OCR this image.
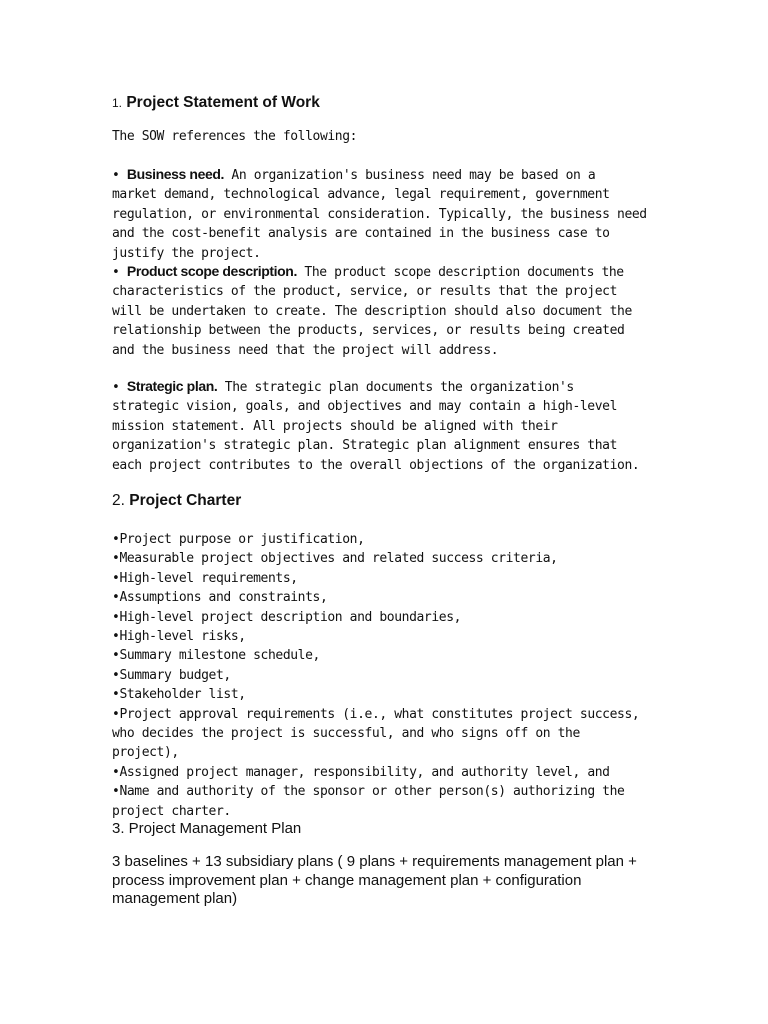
1. Project Statement of Work
The SOW references the following:
• Business need. An organization's business need may be based on a market demand, technological advance, legal requirement, government regulation, or environmental consideration. Typically, the business need and the cost-benefit analysis are contained in the business case to justify the project.
• Product scope description. The product scope description documents the characteristics of the product, service, or results that the project will be undertaken to create. The description should also document the relationship between the products, services, or results being created and the business need that the project will address.
• Strategic plan. The strategic plan documents the organization's strategic vision, goals, and objectives and may contain a high-level mission statement. All projects should be aligned with their organization's strategic plan. Strategic plan alignment ensures that each project contributes to the overall objections of the organization.
2. Project Charter
•Project purpose or justification,
•Measurable project objectives and related success criteria,
•High-level requirements,
•Assumptions and constraints,
•High-level project description and boundaries,
•High-level risks,
•Summary milestone schedule,
•Summary budget,
•Stakeholder list,
•Project approval requirements (i.e., what constitutes project success, who decides the project is successful, and who signs off on the project),
•Assigned project manager, responsibility, and authority level, and
•Name and authority of the sponsor or other person(s) authorizing the project charter.
3. Project Management Plan
3 baselines + 13 subsidiary plans ( 9 plans + requirements management plan + process improvement plan + change management plan + configuration management plan)
